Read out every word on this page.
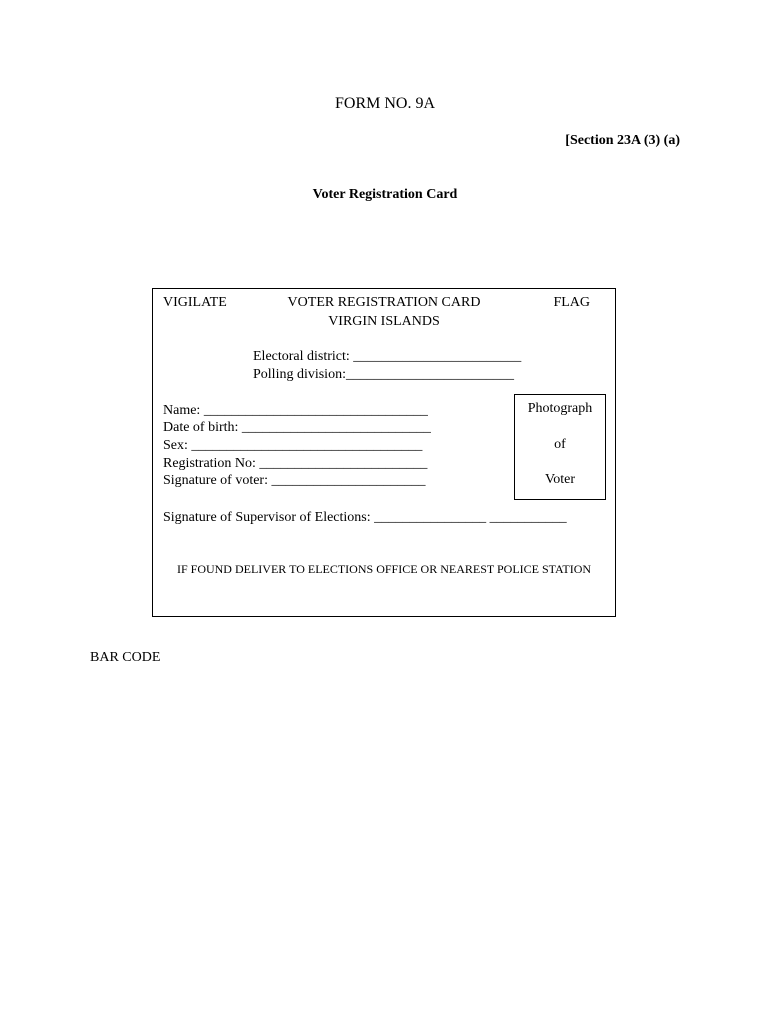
FORM NO. 9A
[Section 23A (3) (a)
Voter Registration Card
VIGILATE	VOTER REGISTRATION CARD	FLAG
VIRGIN ISLANDS
Electoral district: ________________________
Polling division:________________________
Name: ________________________________
Date of birth: ___________________________
Sex: _________________________________
Registration No: ________________________
Signature of voter: ______________________
Photograph
of
Voter
Signature of Supervisor of Elections: ________________ ___________
IF FOUND DELIVER TO ELECTIONS OFFICE OR NEAREST POLICE STATION
BAR CODE
